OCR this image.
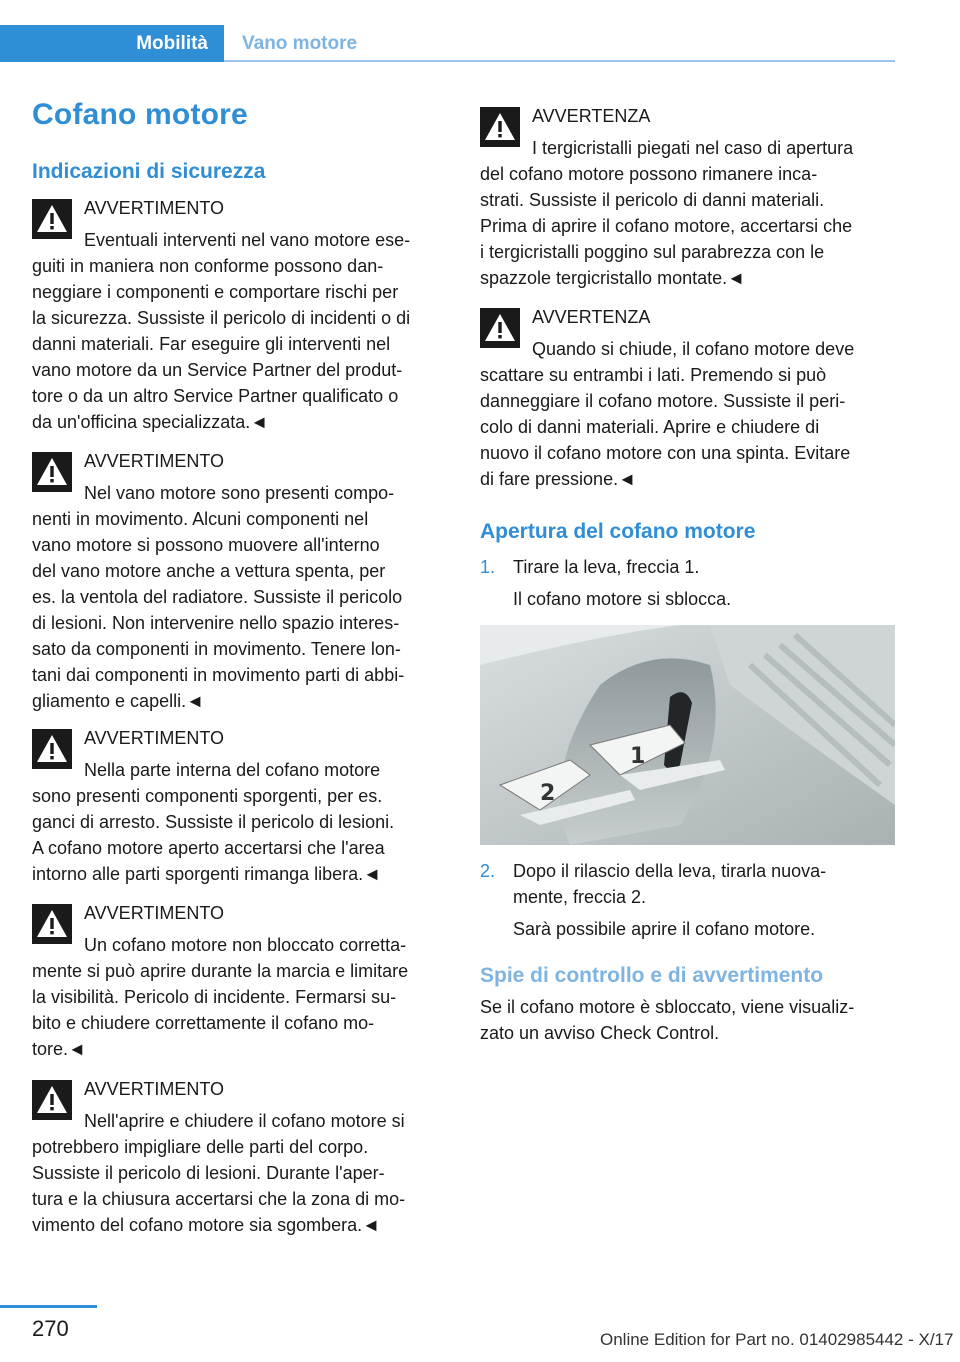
Mobilità	Vano motore
Cofano motore
Indicazioni di sicurezza
AVVERTIMENTO
Eventuali interventi nel vano motore ese-
guiti in maniera non conforme possono dan-
neggiare i componenti e comportare rischi per
la sicurezza. Sussiste il pericolo di incidenti o di
danni materiali. Far eseguire gli interventi nel
vano motore da un Service Partner del produt-
tore o da un altro Service Partner qualificato o
da un'officina specializzata.◄
AVVERTIMENTO
Nel vano motore sono presenti compo-
nenti in movimento. Alcuni componenti nel
vano motore si possono muovere all'interno
del vano motore anche a vettura spenta, per
es. la ventola del radiatore. Sussiste il pericolo
di lesioni. Non intervenire nello spazio interes-
sato da componenti in movimento. Tenere lon-
tani dai componenti in movimento parti di abbi-
gliamento e capelli.◄
AVVERTIMENTO
Nella parte interna del cofano motore
sono presenti componenti sporgenti, per es.
ganci di arresto. Sussiste il pericolo di lesioni.
A cofano motore aperto accertarsi che l'area
intorno alle parti sporgenti rimanga libera.◄
AVVERTIMENTO
Un cofano motore non bloccato corretta-
mente si può aprire durante la marcia e limitare
la visibilità. Pericolo di incidente. Fermarsi su-
bito e chiudere correttamente il cofano mo-
tore.◄
AVVERTIMENTO
Nell'aprire e chiudere il cofano motore si
potrebbero impigliare delle parti del corpo.
Sussiste il pericolo di lesioni. Durante l'aper-
tura e la chiusura accertarsi che la zona di mo-
vimento del cofano motore sia sgombera.◄
AVVERTENZA
I tergicristalli piegati nel caso di apertura
del cofano motore possono rimanere inca-
strati. Sussiste il pericolo di danni materiali.
Prima di aprire il cofano motore, accertarsi che
i tergicristalli poggino sul parabrezza con le
spazzole tergicristallo montate.◄
AVVERTENZA
Quando si chiude, il cofano motore deve
scattare su entrambi i lati. Premendo si può
danneggiare il cofano motore. Sussiste il peri-
colo di danni materiali. Aprire e chiudere di
nuovo il cofano motore con una spinta. Evitare
di fare pressione.◄
Apertura del cofano motore
1. Tirare la leva, freccia 1.
Il cofano motore si sblocca.
2
1
2. Dopo il rilascio della leva, tirarla nuova-
mente, freccia 2.
Sarà possibile aprire il cofano motore.
Spie di controllo e di avvertimento
Se il cofano motore è sbloccato, viene visualiz-
zato un avviso Check Control.
270	Online Edition for Part no. 01402985442 - X/17
